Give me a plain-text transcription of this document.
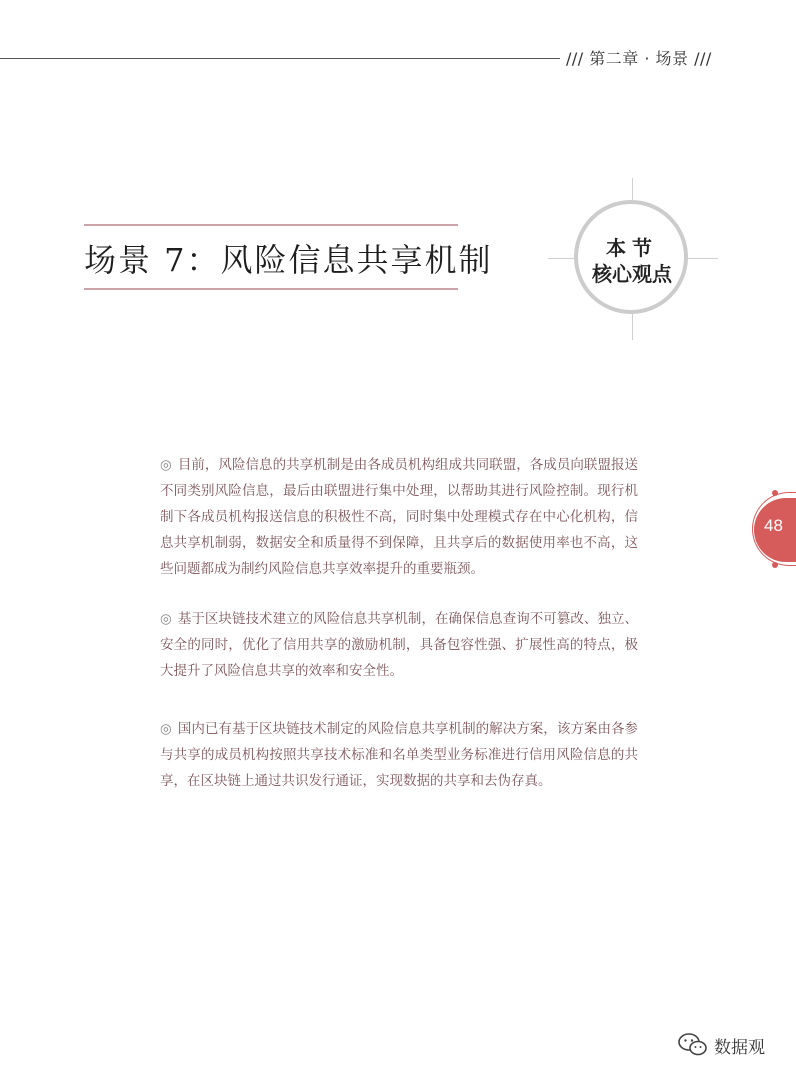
/// 第二章 · 场景 ///
场景 7：风险信息共享机制	本节
核心观点
◎ 目前，风险信息的共享机制是由各成员机构组成共同联盟，各成员向联盟报送不同类别风险信息，最后由联盟进行集中处理，以帮助其进行风险控制。现行机制下各成员机构报送信息的积极性不高，同时集中处理模式存在中心化机构，信息共享机制弱，数据安全和质量得不到保障，且共享后的数据使用率也不高，这些问题都成为制约风险信息共享效率提升的重要瓶颈。
◎ 基于区块链技术建立的风险信息共享机制，在确保信息查询不可篡改、独立、安全的同时，优化了信用共享的激励机制，具备包容性强、扩展性高的特点，极大提升了风险信息共享的效率和安全性。
◎ 国内已有基于区块链技术制定的风险信息共享机制的解决方案，该方案由各参与共享的成员机构按照共享技术标准和名单类型业务标准进行信用风险信息的共享，在区块链上通过共识发行通证，实现数据的共享和去伪存真。
48
数据观
